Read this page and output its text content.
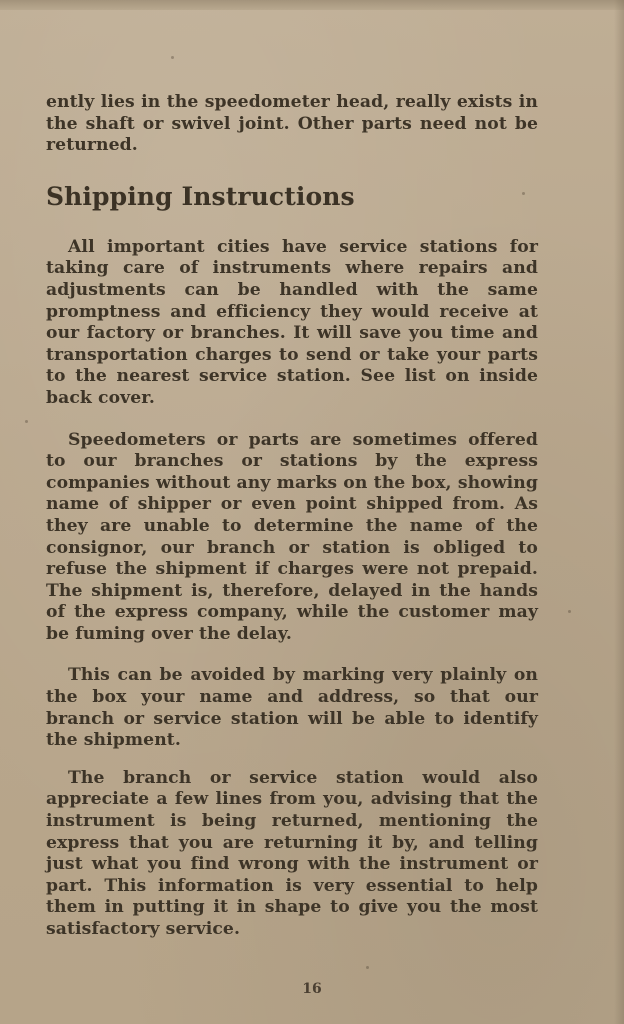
ently lies in the speedometer head, really exists in the shaft or swivel joint. Other parts need not be returned.

Shipping Instructions

All important cities have service stations for taking care of instruments where repairs and adjustments can be handled with the same promptness and efficiency they would receive at our factory or branches. It will save you time and transportation charges to send or take your parts to the nearest service station. See list on inside back cover.

Speedometers or parts are sometimes offered to our branches or stations by the express companies without any marks on the box, showing name of shipper or even point shipped from. As they are unable to determine the name of the consignor, our branch or station is obliged to refuse the shipment if charges were not prepaid. The shipment is, therefore, delayed in the hands of the express company, while the customer may be fuming over the delay.

This can be avoided by marking very plainly on the box your name and address, so that our branch or service station will be able to identify the shipment.

The branch or service station would also appreciate a few lines from you, advising that the instrument is being returned, mentioning the express that you are returning it by, and telling just what you find wrong with the instrument or part. This information is very essential to help them in putting it in shape to give you the most satisfactory service.

16
